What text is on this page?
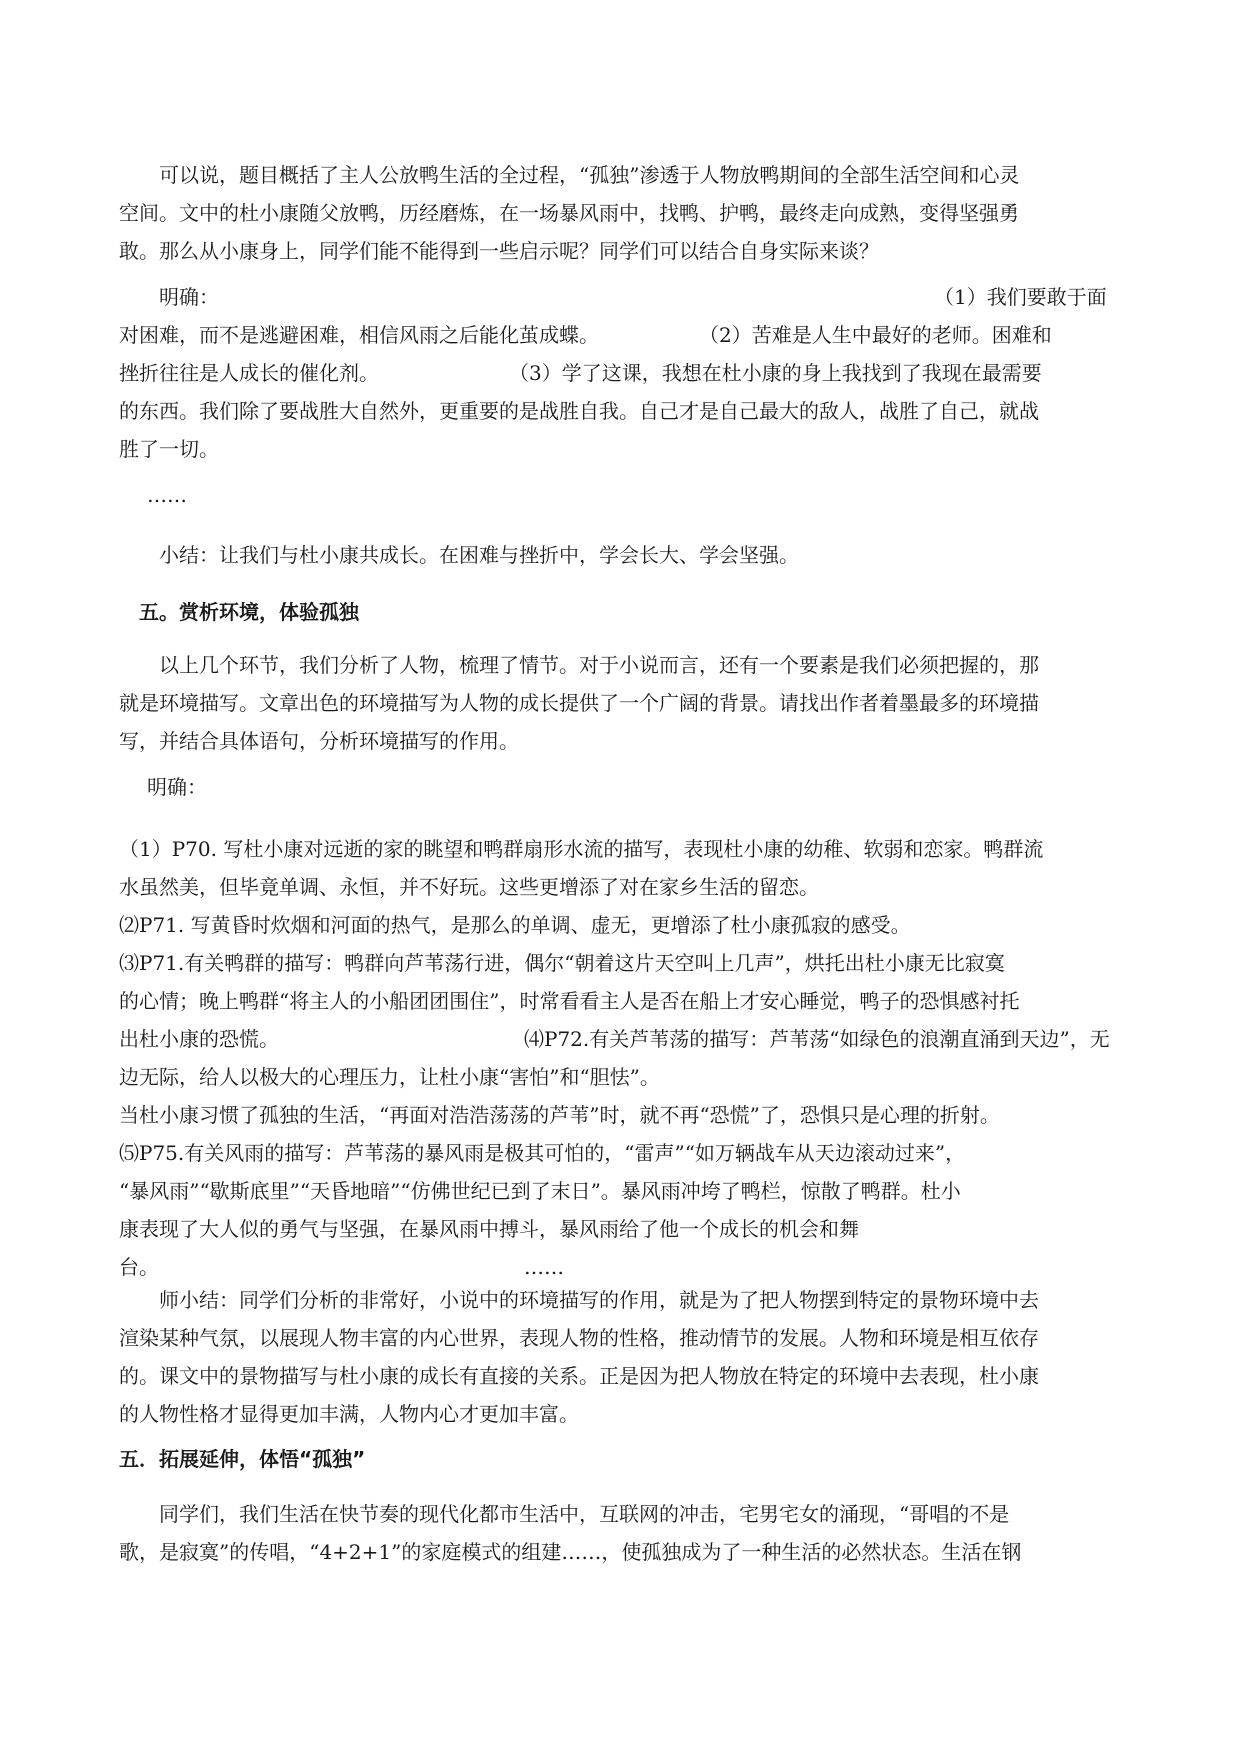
可以说，题目概括了主人公放鸭生活的全过程，“孤独”渗透于人物放鸭期间的全部生活空间和心灵
空间。文中的杜小康随父放鸭，历经磨炼，在一场暴风雨中，找鸭、护鸭，最终走向成熟，变得坚强勇
敢。那么从小康身上，同学们能不能得到一些启示呢？同学们可以结合自身实际来谈？
明确：	（1）我们要敢于面
对困难，而不是逃避困难，相信风雨之后能化茧成蝶。	（2）苦难是人生中最好的老师。困难和
挫折往往是人成长的催化剂。	（3）学了这课，我想在杜小康的身上我找到了我现在最需要
的东西。我们除了要战胜大自然外，更重要的是战胜自我。自己才是自己最大的敌人，战胜了自己，就战
胜了一切。
……
小结：让我们与杜小康共成长。在困难与挫折中，学会长大、学会坚强。
五。赏析环境，体验孤独
以上几个环节，我们分析了人物，梳理了情节。对于小说而言，还有一个要素是我们必须把握的，那
就是环境描写。文章出色的环境描写为人物的成长提供了一个广阔的背景。请找出作者着墨最多的环境描
写，并结合具体语句，分析环境描写的作用。
明确：
（1）P70. 写杜小康对远逝的家的眺望和鸭群扇形水流的描写，表现杜小康的幼稚、软弱和恋家。鸭群流
水虽然美，但毕竟单调、永恒，并不好玩。这些更增添了对在家乡生活的留恋。
⑵P71. 写黄昏时炊烟和河面的热气，是那么的单调、虚无，更增添了杜小康孤寂的感受。
⑶P71.有关鸭群的描写：鸭群向芦苇荡行进，偶尔“朝着这片天空叫上几声”，烘托出杜小康无比寂寞
的心情；晚上鸭群“将主人的小船团团围住”，时常看看主人是否在船上才安心睡觉，鸭子的恐惧感衬托
出杜小康的恐慌。	⑷P72.有关芦苇荡的描写：芦苇荡“如绿色的浪潮直涌到天边”，无
边无际，给人以极大的心理压力，让杜小康“害怕”和“胆怯”。
当杜小康习惯了孤独的生活，“再面对浩浩荡荡的芦苇”时，就不再“恐慌”了，恐惧只是心理的折射。
⑸P75.有关风雨的描写：芦苇荡的暴风雨是极其可怕的，“雷声”“如万辆战车从天边滚动过来”，
“暴风雨”“歇斯底里”“天昏地暗”“仿佛世纪已到了末日”。暴风雨冲垮了鸭栏，惊散了鸭群。杜小
康表现了大人似的勇气与坚强，在暴风雨中搏斗，暴风雨给了他一个成长的机会和舞
台。	……
师小结：同学们分析的非常好，小说中的环境描写的作用，就是为了把人物摆到特定的景物环境中去
渲染某种气氛，以展现人物丰富的内心世界，表现人物的性格，推动情节的发展。人物和环境是相互依存
的。课文中的景物描写与杜小康的成长有直接的关系。正是因为把人物放在特定的环境中去表现，杜小康
的人物性格才显得更加丰满，人物内心才更加丰富。
五．拓展延伸，体悟“孤独”
同学们，我们生活在快节奏的现代化都市生活中，互联网的冲击，宅男宅女的涌现，“哥唱的不是
歌，是寂寞”的传唱，“4+2+1”的家庭模式的组建……，使孤独成为了一种生活的必然状态。生活在钢
